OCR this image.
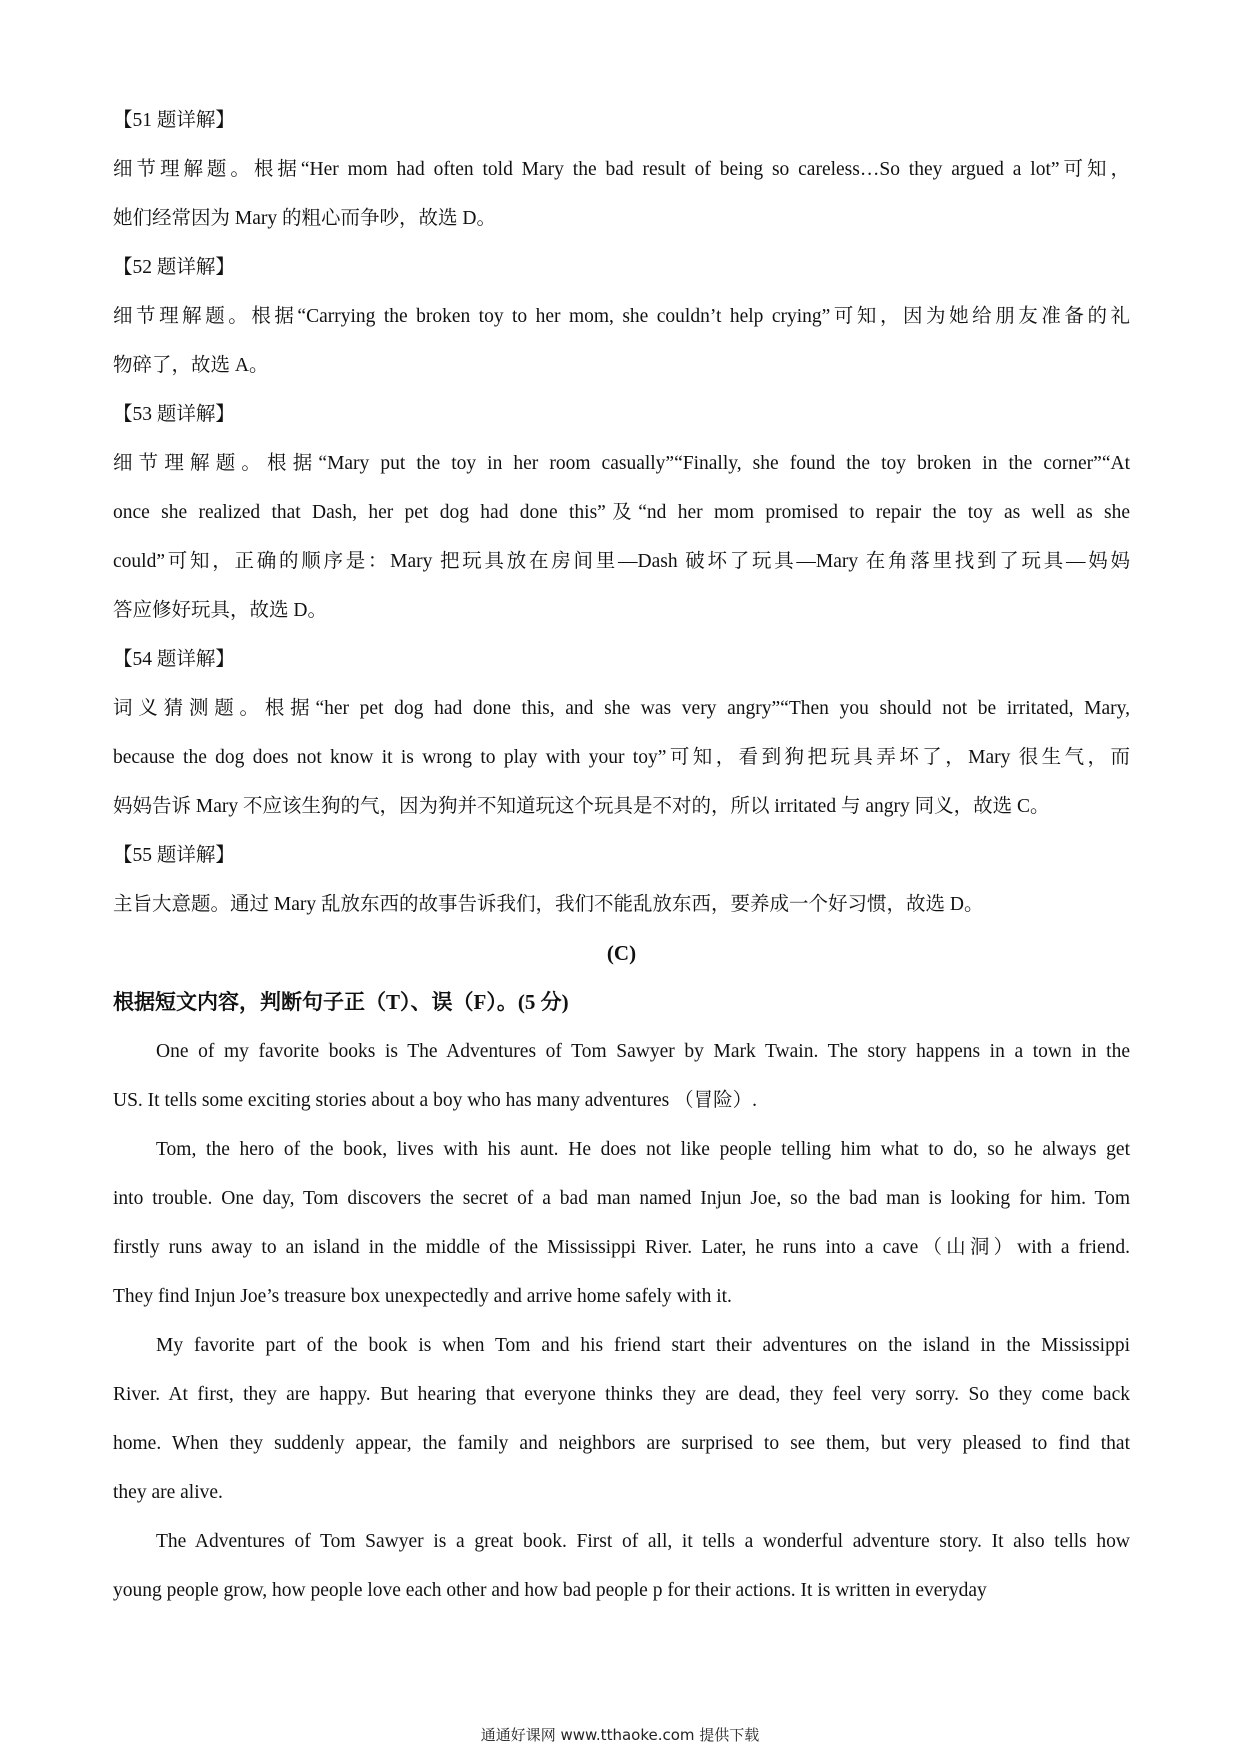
【51 题详解】
细节理解题。根据“Her mom had often told Mary the bad result of being so careless…So they argued a lot”可知，
她们经常因为 Mary 的粗心而争吵，故选 D。
【52 题详解】
细节理解题。根据“Carrying the broken toy to her mom, she couldn’t help crying”可知，因为她给朋友准备的礼
物碎了，故选 A。
【53 题详解】
细节理解题。根据“Mary put the toy in her room casually”“Finally, she found the toy broken in the corner”“At
once she realized that Dash, her pet dog had done this”及“nd her mom promised to repair the toy as well as she
could”可知，正确的顺序是：Mary 把玩具放在房间里—Dash 破坏了玩具—Mary 在角落里找到了玩具—妈妈
答应修好玩具，故选 D。
【54 题详解】
词义猜测题。根据“her pet dog had done this, and she was very angry”“Then you should not be irritated, Mary,
because the dog does not know it is wrong to play with your toy”可知，看到狗把玩具弄坏了，Mary 很生气，而
妈妈告诉 Mary 不应该生狗的气，因为狗并不知道玩这个玩具是不对的，所以 irritated 与 angry 同义，故选 C。
【55 题详解】
主旨大意题。通过 Mary 乱放东西的故事告诉我们，我们不能乱放东西，要养成一个好习惯，故选 D。
(C)
根据短文内容，判断句子正（T）、误（F）。(5 分)
One of my favorite books is The Adventures of Tom Sawyer by Mark Twain. The story happens in a town in the
US. It tells some exciting stories about a boy who has many adventures （冒险）.
Tom, the hero of the book, lives with his aunt. He does not like people telling him what to do, so he always get
into trouble. One day, Tom discovers the secret of a bad man named Injun Joe, so the bad man is looking for him. Tom
firstly runs away to an island in the middle of the Mississippi River. Later, he runs into a cave（山洞）with a friend.
They find Injun Joe’s treasure box unexpectedly and arrive home safely with it.
My favorite part of the book is when Tom and his friend start their adventures on the island in the Mississippi
River. At first, they are happy. But hearing that everyone thinks they are dead, they feel very sorry. So they come back
home. When they suddenly appear, the family and neighbors are surprised to see them, but very pleased to find that
they are alive.
The Adventures of Tom Sawyer is a great book. First of all, it tells a wonderful adventure story. It also tells how
young people grow, how people love each other and how bad people p for their actions. It is written in everyday
通通好课网 www.tthaoke.com 提供下载
